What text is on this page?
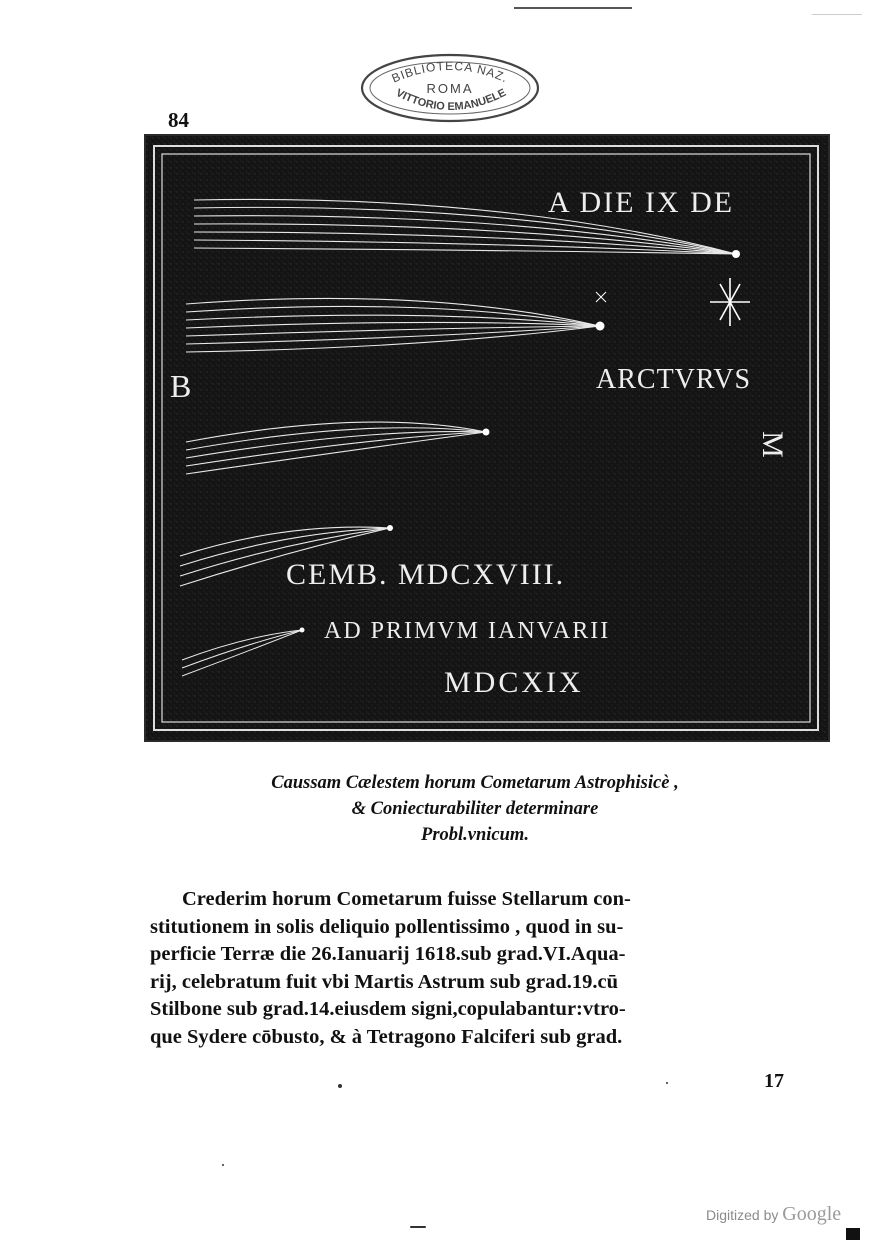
84
BIBLIOTECA NAZ.
ROMA
VITTORIO EMANUELE
A DIE IX DE
ARCTVRVS
CEMB. MDCXVIII.
AD PRIMVM IANVARII
MDCXIX
B
M
Caussam Cælestem horum Cometarum Astrophisicè ,
& Coniecturabiliter determinare
Probl.vnicum.
Crederim horum Cometarum fuisse Stellarum con-
stitutionem in solis deliquio pollentissimo , quod in su-
perficie Terræ die 26.Ianuarij 1618.sub grad.VI.Aqua-
rij, celebratum fuit vbi Martis Astrum sub grad.19.cū
Stilbone sub grad.14.eiusdem signi,copulabantur:vtro-
que Sydere cōbusto, & à Tetragono Falciferi sub grad.
17
Digitized by Google
